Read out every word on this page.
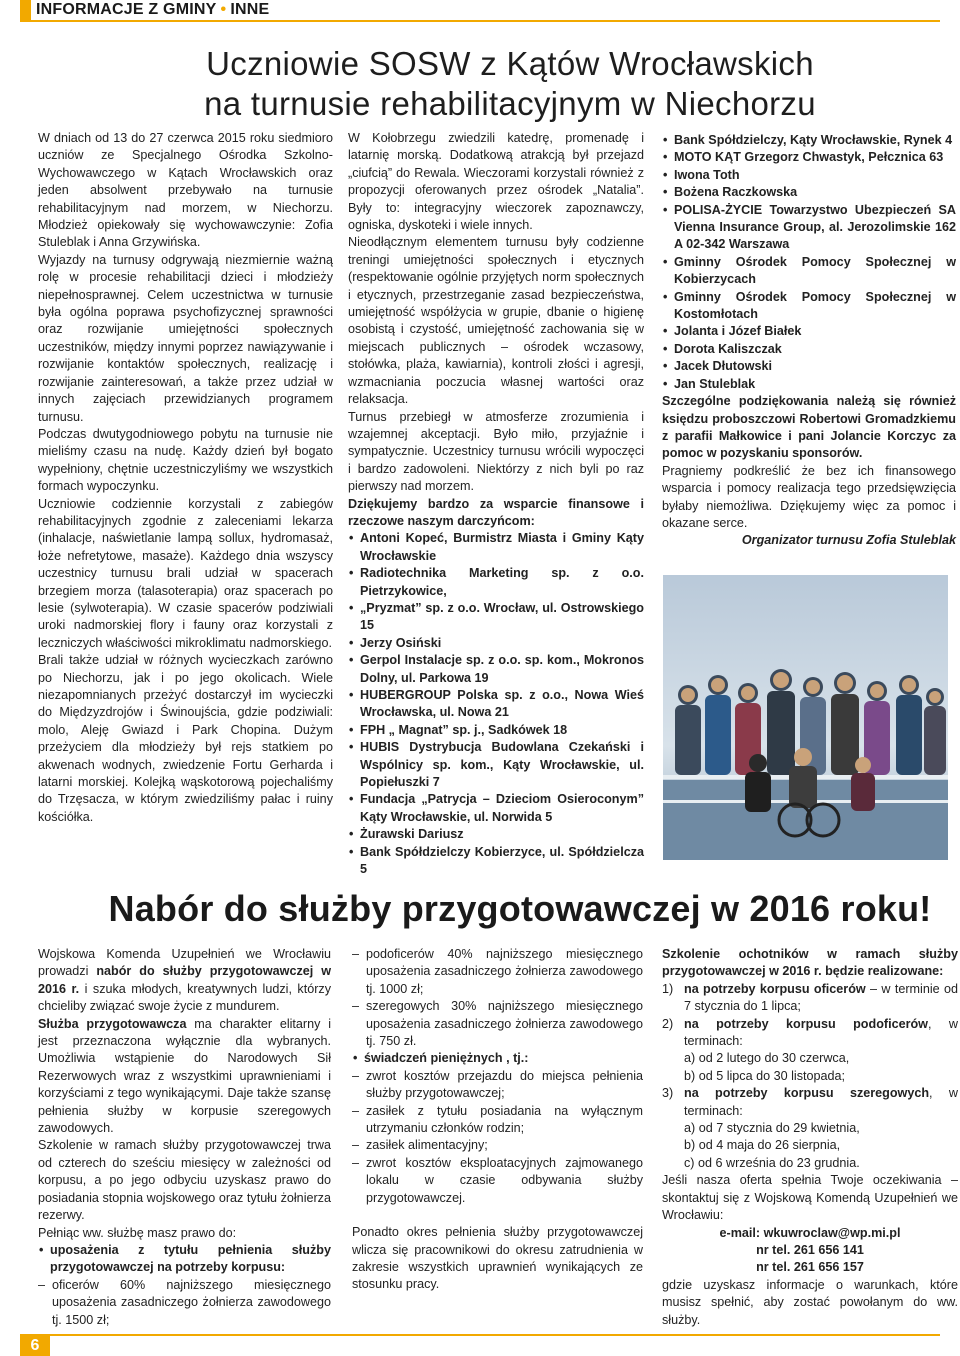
INFORMACJE Z GMINY • INNE
Uczniowie SOSW z Kątów Wrocławskich
na turnusie rehabilitacyjnym w Niechorzu

W dniach od 13 do 27 czerwca 2015 roku siedmioro uczniów ze Specjalnego Ośrodka Szkolno-Wychowawczego w Kątach Wrocławskich oraz jeden absolwent przebywało na turnusie rehabilitacyjnym nad morzem, w Niechorzu. Młodzież opiekowały się wychowawczynie: Zofia Stuleblak i Anna Grzywińska.

Wyjazdy na turnusy odgrywają niezmiernie ważną rolę w procesie rehabilitacji dzieci i młodzieży niepełnosprawnej. Celem uczestnictwa w turnusie była ogólna poprawa psychofizycznej sprawności oraz rozwijanie umiejętności społecznych uczestników, między innymi poprzez nawiązywanie i rozwijanie kontaktów społecznych, realizację i rozwijanie zainteresowań, a także przez udział w innych zajęciach przewidzianych programem turnusu.

Podczas dwutygodniowego pobytu na turnusie nie mieliśmy czasu na nudę. Każdy dzień był bogato wypełniony, chętnie uczestniczyliśmy we wszystkich formach wypoczynku.

Uczniowie codziennie korzystali z zabiegów rehabilitacyjnych zgodnie z zaleceniami lekarza (inhalacje, naświetlanie lampą sollux, hydromasaż, łoże nefretytowe, masaże). Każdego dnia wszyscy uczestnicy turnusu brali udział w spacerach brzegiem morza (talasoterapia) oraz spacerach po lesie (sylwoterapia). W czasie spacerów podziwiali uroki nadmorskiej flory i fauny oraz korzystali z leczniczych właściwości mikroklimatu nadmorskiego.

Brali także udział w różnych wycieczkach zarówno po Niechorzu, jak i po jego okolicach. Wiele niezapomnianych przeżyć dostarczył im wycieczki do Międzyzdrojów i Świnoujścia, gdzie podziwiali: molo, Aleję Gwiazd i Park Chopina. Dużym przeżyciem dla młodzieży był rejs statkiem po akwenach wodnych, zwiedzenie Fortu Gerharda i latarni morskiej. Kolejką wąskotorową pojechaliśmy do Trzęsacza, w którym zwiedziliśmy pałac i ruiny kościółka.

W Kołobrzegu zwiedzili katedrę, promenadę i latarnię morską. Dodatkową atrakcją był przejazd „ciufcią” do Rewala. Wieczorami korzystali również z propozycji oferowanych przez ośrodek „Natalia”. Były to: integracyjny wieczorek zapoznawczy, ogniska, dyskoteki i wiele innych.

Nieodłącznym elementem turnusu były codzienne treningi umiejętności społecznych i etycznych (respektowanie ogólnie przyjętych norm społecznych i etycznych, przestrzeganie zasad bezpieczeństwa, umiejętność współżycia w grupie, dbanie o higienę osobistą i czystość, umiejętność zachowania się w miejscach publicznych – ośrodek wczasowy, stołówka, plaża, kawiarnia), kontroli złości i agresji, wzmacniania poczucia własnej wartości oraz relaksacja.

Turnus przebiegł w atmosferze zrozumienia i wzajemnej akceptacji. Było miło, przyjaźnie i sympatycznie. Uczestnicy turnusu wrócili wypoczęci i bardzo zadowoleni. Niektórzy z nich byli po raz pierwszy nad morzem.

Dziękujemy bardzo za wsparcie finansowe i rzeczowe naszym darczyńcom:

• Antoni Kopeć, Burmistrz Miasta i Gminy Kąty Wrocławskie
• Radiotechnika Marketing sp. z o.o. Pietrzykowice,
• „Pryzmat” sp. z o.o. Wrocław, ul. Ostrowskiego 15
• Jerzy Osiński
• Gerpol Instalacje sp. z o.o. sp. kom., Mokronos Dolny, ul. Parkowa 19
• HUBERGROUP Polska sp. z o.o., Nowa Wieś Wrocławska, ul. Nowa 21
• FPH „ Magnat” sp. j., Sadkówek 18
• HUBIS Dystrybucja Budowlana Czekański i Wspólnicy sp. kom., Kąty Wrocławskie, ul. Popiełuszki 7
• Fundacja „Patrycja – Dzieciom Osieroconym” Kąty Wrocławskie, ul. Norwida 5
• Żurawski Dariusz
• Bank Spółdzielczy Kobierzyce, ul. Spółdzielcza 5
• Bank Spółdzielczy, Kąty Wrocławskie, Rynek 4
• MOTO KĄT Grzegorz Chwastyk, Pełcznica 63
• Iwona Toth
• Bożena Raczkowska
• POLISA-ŻYCIE Towarzystwo Ubezpieczeń SA Vienna Insurance Group, al. Jerozolimskie 162 A 02-342 Warszawa
• Gminny Ośrodek Pomocy Społecznej w Kobierzycach
• Gminny Ośrodek Pomocy Społecznej w Kostomłotach
• Jolanta i Józef Białek
• Dorota Kaliszczak
• Jacek Dłutowski
• Jan Stuleblak

Szczególne podziękowania należą się również księdzu proboszczowi Robertowi Gromadzkiemu z parafii Małkowice i pani Jolancie Korczyc za pomoc w pozyskaniu sponsorów.

Pragniemy podkreślić że bez ich finansowego wsparcia i pomocy realizacja tego przedsięwzięcia byłaby niemożliwa. Dziękujemy więc za pomoc i okazane serce.

Organizator turnusu Zofia Stuleblak

Nabór do służby przygotowawczej w 2016 roku!

Wojskowa Komenda Uzupełnień we Wrocławiu prowadzi nabór do służby przygotowawczej w 2016 r. i szuka młodych, kreatywnych ludzi, którzy chcieliby związać swoje życie z mundurem.

Służba przygotowawcza ma charakter elitarny i jest przeznaczona wyłącznie dla wybranych. Umożliwia wstąpienie do Narodowych Sił Rezerwowych wraz z wszystkimi uprawnieniami i korzyściami z tego wynikającymi. Daje także szansę pełnienia służby w korpusie szeregowych zawodowych.

Szkolenie w ramach służby przygotowawczej trwa od czterech do sześciu miesięcy w zależności od korpusu, a po jego odbyciu uzyskasz prawo do posiadania stopnia wojskowego oraz tytułu żołnierza rezerwy.

Pełniąc ww. służbę masz prawo do:

• uposażenia z tytułu pełnienia służby przygotowawczej na potrzeby korpusu:

– oficerów 60% najniższego miesięcznego uposażenia zasadniczego żołnierza zawodowego tj. 1500 zł;

– podoficerów 40% najniższego miesięcznego uposażenia zasadniczego żołnierza zawodowego tj. 1000 zł;

– szeregowych 30% najniższego miesięcznego uposażenia zasadniczego żołnierza zawodowego tj. 750 zł.

• świadczeń pieniężnych , tj.:

– zwrot kosztów przejazdu do miejsca pełnienia służby przygotowawczej;

– zasiłek z tytułu posiadania na wyłącznym utrzymaniu członków rodzin;

– zasiłek alimentacyjny;

– zwrot kosztów eksploatacyjnych zajmowanego lokalu w czasie odbywania służby przygotowawczej.

Ponadto okres pełnienia służby przygotowawczej wlicza się pracownikowi do okresu zatrudnienia w zakresie wszystkich uprawnień wynikających ze stosunku pracy.

Szkolenie ochotników w ramach służby przygotowawczej w 2016 r. będzie realizowane:

1) na potrzeby korpusu oficerów – w terminie od 7 stycznia do 1 lipca;

2) na potrzeby korpusu podoficerów, w terminach:

a) od 2 lutego do 30 czerwca,

b) od 5 lipca do 30 listopada;

3) na potrzeby korpusu szeregowych, w terminach:

a) od 7 stycznia do 29 kwietnia,

b) od 4 maja do 26 sierpnia,

c) od 6 września do 23 grudnia.

Jeśli nasza oferta spełnia Twoje oczekiwania – skontaktuj się z Wojskową Komendą Uzupełnień we Wrocławiu:

e-mail: wkuwroclaw@wp.mi.pl

nr tel. 261 656 141

nr tel. 261 656 157

gdzie uzyskasz informacje o warunkach, które musisz spełnić, aby zostać powołanym do ww. służby.

6
